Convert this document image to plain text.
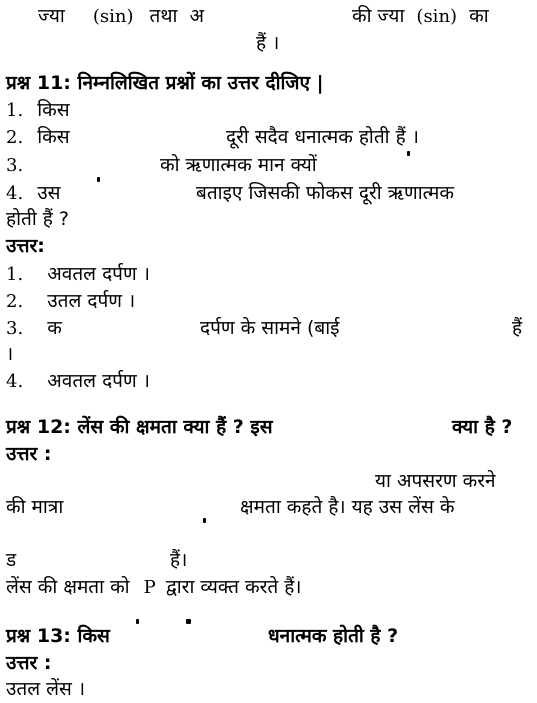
ज्या (sin) तथा अ	की ज्या (sin) का
हैं ।
प्रश्न 11: निम्नलिखित प्रश्नों का उत्तर दीजिए |
1. किस
2. किस	दूरी सदैव धनात्मक होती हैं ।
3.	को ऋणात्मक मान क्यों
4. उस	बताइए जिसकी फोकस दूरी ऋणात्मक
होती हैं ?
उत्तर:
1. अवतल दर्पण ।
2. उतल दर्पण ।
3. क	दर्पण के सामने (बाई	हैं
।
4. अवतल दर्पण ।
प्रश्न 12: लेंस की क्षमता क्या हैं ? इस	क्या है ?
उत्तर :
या अपसरण करने
की मात्रा	क्षमता कहते है। यह उस लेंस के
ड	हैं।
लेंस की क्षमता को P द्वारा व्यक्त करते हैं।
प्रश्न 13: किस	धनात्मक होती है ?
उत्तर :
उतल लेंस ।
